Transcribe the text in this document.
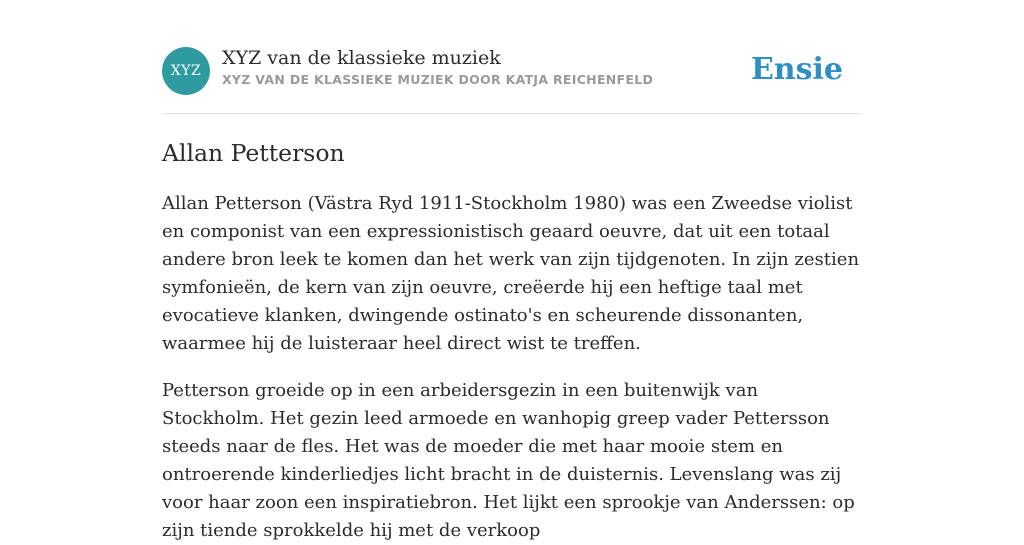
XYZ
XYZ van de klassieke muziek
XYZ VAN DE KLASSIEKE MUZIEK DOOR KATJA REICHENFELD	Ensie
Allan Petterson

Allan Petterson (Västra Ryd 1911-Stockholm 1980) was een Zweedse violist en componist van een expressionistisch geaard oeuvre, dat uit een totaal andere bron leek te komen dan het werk van zijn tijdgenoten. In zijn zestien symfonieën, de kern van zijn oeuvre, creëerde hij een heftige taal met evocatieve klanken, dwingende ostinato's en scheurende dissonanten, waarmee hij de luisteraar heel direct wist te treffen.

Petterson groeide op in een arbeidersgezin in een buitenwijk van Stockholm. Het gezin leed armoede en wanhopig greep vader Pettersson steeds naar de fles. Het was de moeder die met haar mooie stem en ontroerende kinderliedjes licht bracht in de duisternis. Levenslang was zij voor haar zoon een inspiratiebron. Het lijkt een sprookje van Anderssen: op zijn tiende sprokkelde hij met de verkoop
